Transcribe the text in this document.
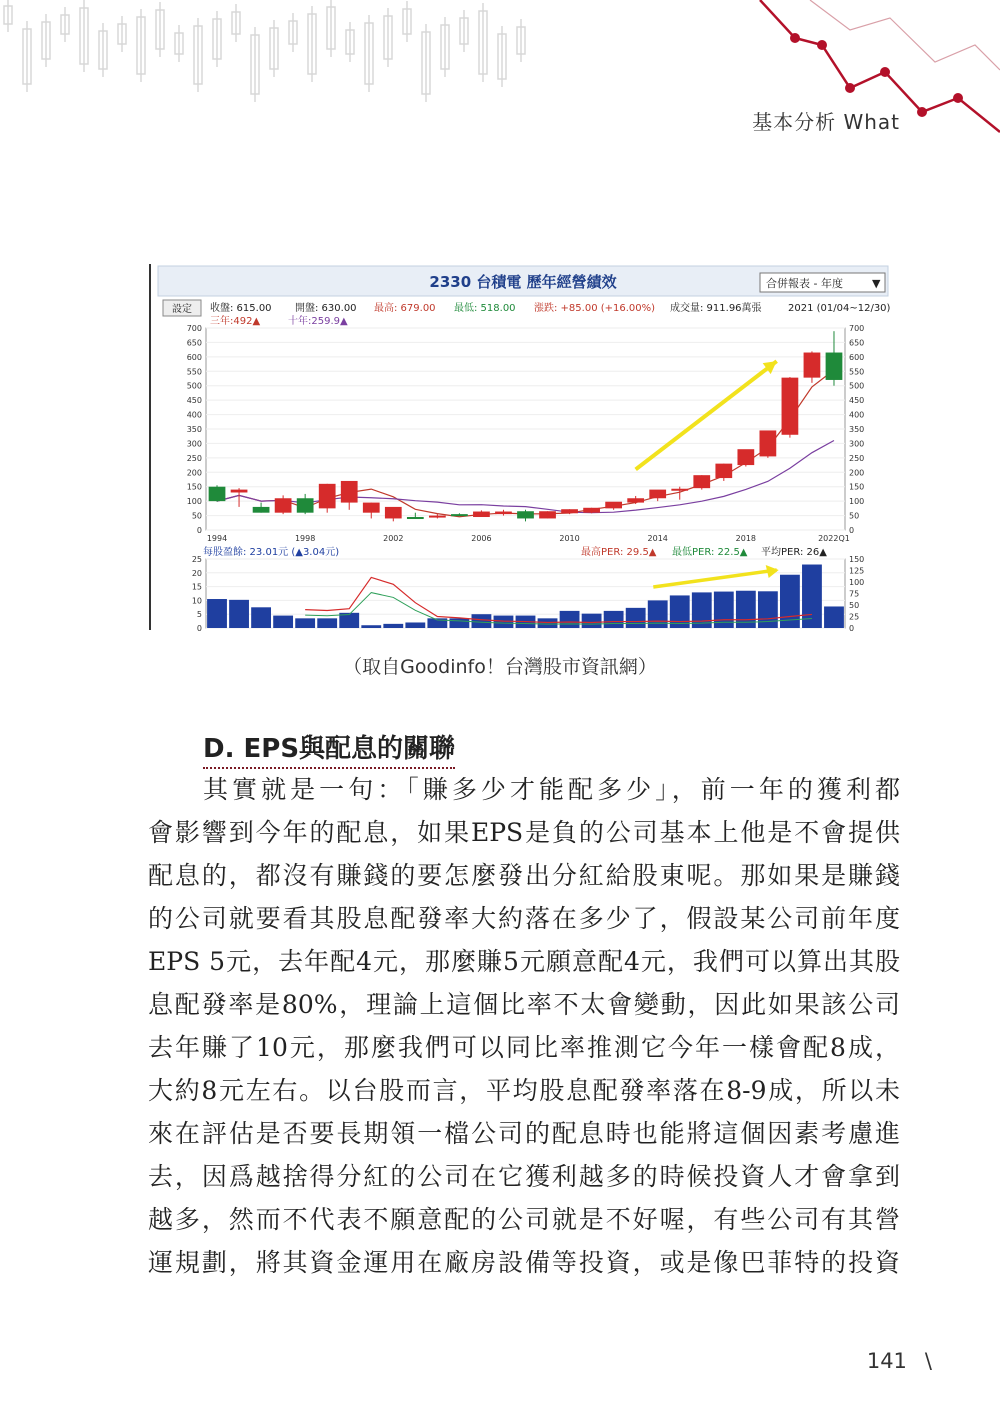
基本分析 What
2330 台積電 歷年經營績效	合併報表 - 年度	▼
設定 收盤: 615.00 開盤: 630.00 最高: 679.00 最低: 518.00 漲跌: +85.00 (+16.00%) 成交量: 911.96萬張	2021 (01/04~12/30)
三年:492▲	十年:259.9▲
0	0
50	50
100	100
150	150
200	200
250	250
300	300
350	350
400	400
450	450
500	500
550	550
600	600
650	650
700	700
1994	1998	2002	2006	2010	2014	2018	2022Q1
0
5
10
15
20
25
0
25
50
75
100
125
150
每股盈餘: 23.01元 (▲3.04元)	最高PER: 29.5▲ 最低PER: 22.5▲ 平均PER: 26▲
（取自Goodinfo！台灣股市資訊網）
D. EPS與配息的關聯
其實就是一句：「賺多少才能配多少」，前一年的獲利都
會影響到今年的配息，如果EPS是負的公司基本上他是不會提供
配息的，都沒有賺錢的要怎麼發出分紅給股東呢。那如果是賺錢
的公司就要看其股息配發率大約落在多少了，假設某公司前年度
EPS 5元，去年配4元，那麼賺5元願意配4元，我們可以算出其股
息配發率是80%，理論上這個比率不太會變動，因此如果該公司
去年賺了10元，那麼我們可以同比率推測它今年一樣會配8成，
大約8元左右。以台股而言，平均股息配發率落在8-9成，所以未
來在評估是否要長期領一檔公司的配息時也能將這個因素考慮進
去，因爲越捨得分紅的公司在它獲利越多的時候投資人才會拿到
越多，然而不代表不願意配的公司就是不好喔，有些公司有其營
運規劃，將其資金運用在廠房設備等投資，或是像巴菲特的投資
141 \
